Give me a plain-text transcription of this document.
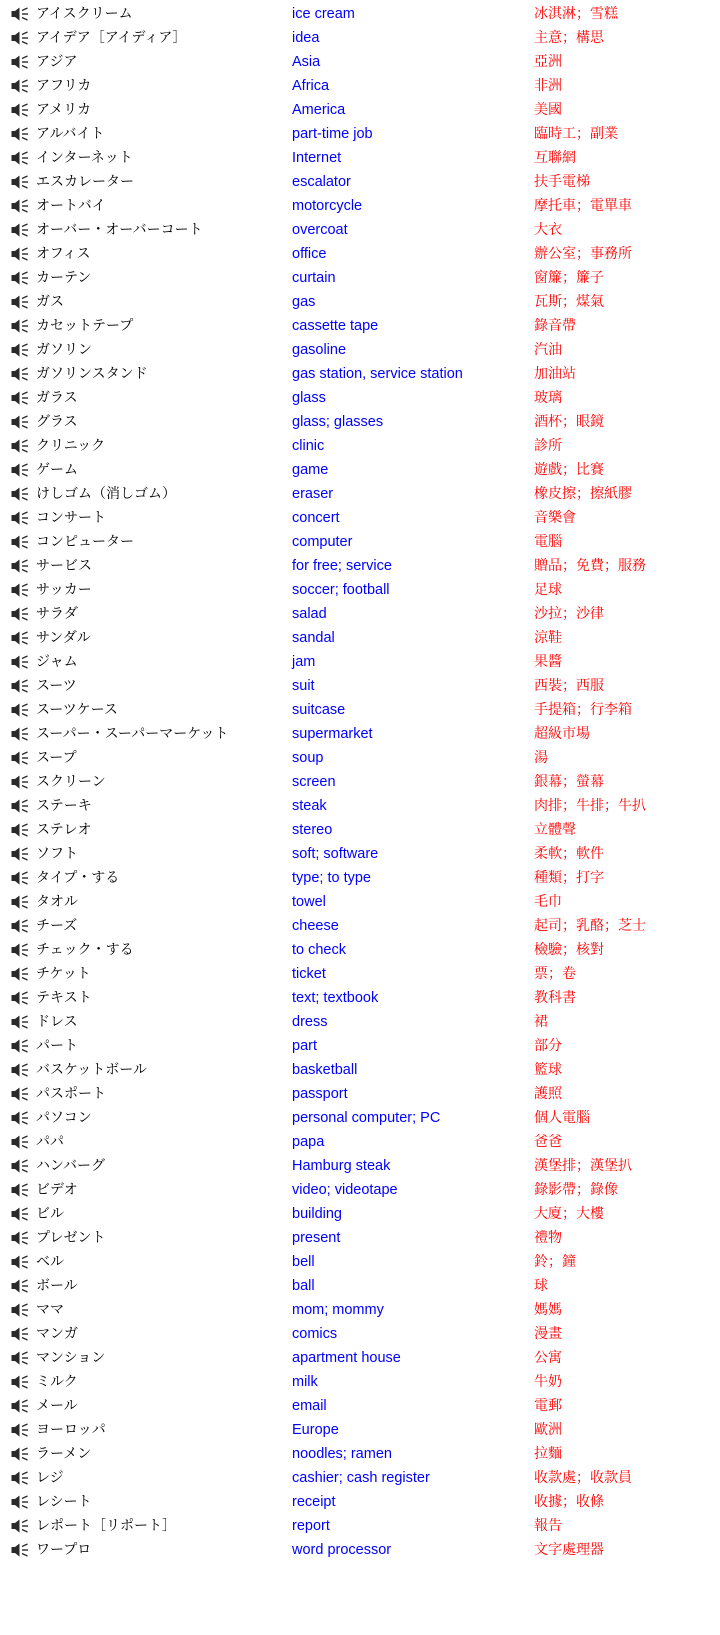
アイスクリーム	ice cream	冰淇淋；雪糕
アイデア［アイディア］	idea	主意；構思
アジア	Asia	亞洲
アフリカ	Africa	非洲
アメリカ	America	美國
アルバイト	part-time job	臨時工；副業
インターネット	Internet	互聯網
エスカレーター	escalator	扶手電梯
オートバイ	motorcycle	摩托車；電單車
オーバー・オーバーコート	overcoat	大衣
オフィス	office	辦公室；事務所
カーテン	curtain	窗簾；簾子
ガス	gas	瓦斯；煤氣
カセットテープ	cassette tape	錄音帶
ガソリン	gasoline	汽油
ガソリンスタンド	gas station, service station	加油站
ガラス	glass	玻璃
グラス	glass; glasses	酒杯；眼鏡
クリニック	clinic	診所
ゲーム	game	遊戲；比賽
けしゴム（消しゴム）	eraser	橡皮擦；擦紙膠
コンサート	concert	音樂會
コンピューター	computer	電腦
サービス	for free; service	贈品；免費；服務
サッカー	soccer; football	足球
サラダ	salad	沙拉；沙律
サンダル	sandal	涼鞋
ジャム	jam	果醬
スーツ	suit	西裝；西服
スーツケース	suitcase	手提箱；行李箱
スーパー・スーパーマーケット	supermarket	超級市場
スープ	soup	湯
スクリーン	screen	銀幕；螢幕
ステーキ	steak	肉排；牛排；牛扒
ステレオ	stereo	立體聲
ソフト	soft; software	柔軟；軟件
タイプ・する	type; to type	種類；打字
タオル	towel	毛巾
チーズ	cheese	起司；乳酪；芝士
チェック・する	to check	檢驗；核對
チケット	ticket	票；卷
テキスト	text; textbook	教科書
ドレス	dress	裙
パート	part	部分
バスケットボール	basketball	籃球
パスポート	passport	護照
パソコン	personal computer; PC	個人電腦
パパ	papa	爸爸
ハンバーグ	Hamburg steak	漢堡排；漢堡扒
ビデオ	video; videotape	錄影帶；錄像
ビル	building	大廈；大樓
プレゼント	present	禮物
ベル	bell	鈴；鐘
ボール	ball	球
ママ	mom; mommy	媽媽
マンガ	comics	漫畫
マンション	apartment house	公寓
ミルク	milk	牛奶
メール	email	電郵
ヨーロッパ	Europe	歐洲
ラーメン	noodles; ramen	拉麵
レジ	cashier; cash register	收款處；收款員
レシート	receipt	收據；收條
レポート［リポート］	report	報告
ワープロ	word processor	文字處理器
